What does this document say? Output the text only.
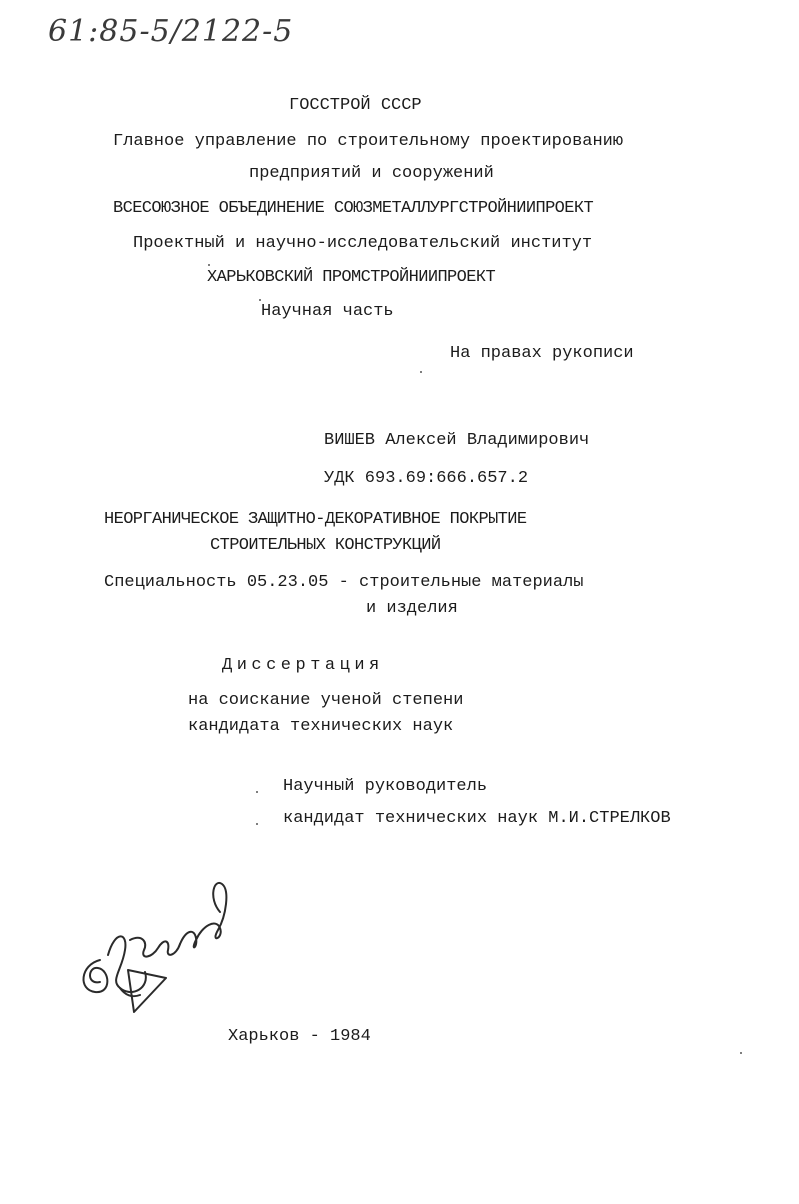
61:85-5/2122-5
ГОССТРОЙ СССР
Главное управление по строительному проектированию
предприятий и сооружений
ВСЕСОЮЗНОЕ ОБЪЕДИНЕНИЕ СОЮЗМЕТАЛЛУРГСТРОЙНИИПРОЕКТ
Проектный и научно-исследовательский институт
ХАРЬКОВСКИЙ ПРОМСТРОЙНИИПРОЕКТ
Научная часть
На правах рукописи
ВИШЕВ Алексей Владимирович
УДК 693.69:666.657.2
НЕОРГАНИЧЕСКОЕ ЗАЩИТНО-ДЕКОРАТИВНОЕ ПОКРЫТИЕ
СТРОИТЕЛЬНЫХ КОНСТРУКЦИЙ
Специальность 05.23.05 - строительные материалы
и изделия
Диссертация
на соискание ученой степени
кандидата технических наук
Научный руководитель
кандидат технических наук М.И.СТРЕЛКОВ
Харьков - 1984
